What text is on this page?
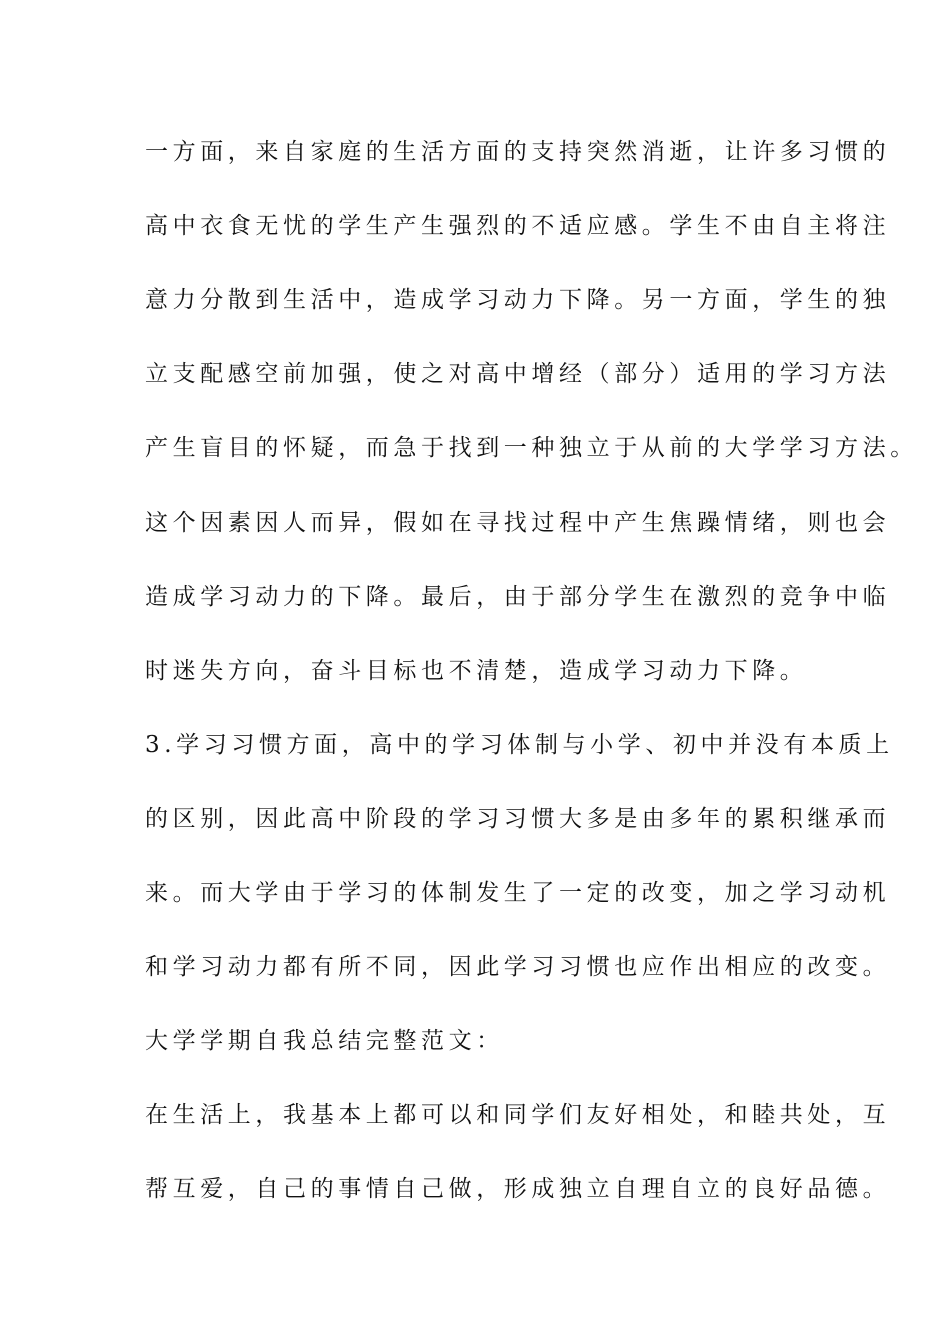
一方面，来自家庭的生活方面的支持突然消逝，让许多习惯的
高中衣食无忧的学生产生强烈的不适应感。学生不由自主将注
意力分散到生活中，造成学习动力下降。另一方面，学生的独
立支配感空前加强，使之对高中增经（部分）适用的学习方法
产生盲目的怀疑，而急于找到一种独立于从前的大学学习方法。
这个因素因人而异，假如在寻找过程中产生焦躁情绪，则也会
造成学习动力的下降。最后，由于部分学生在激烈的竞争中临
时迷失方向，奋斗目标也不清楚，造成学习动力下降。
3.学习习惯方面，高中的学习体制与小学、初中并没有本质上
的区别，因此高中阶段的学习习惯大多是由多年的累积继承而
来。而大学由于学习的体制发生了一定的改变，加之学习动机
和学习动力都有所不同，因此学习习惯也应作出相应的改变。
大学学期自我总结完整范文：
在生活上，我基本上都可以和同学们友好相处，和睦共处，互
帮互爱，自己的事情自己做，形成独立自理自立的良好品德。
